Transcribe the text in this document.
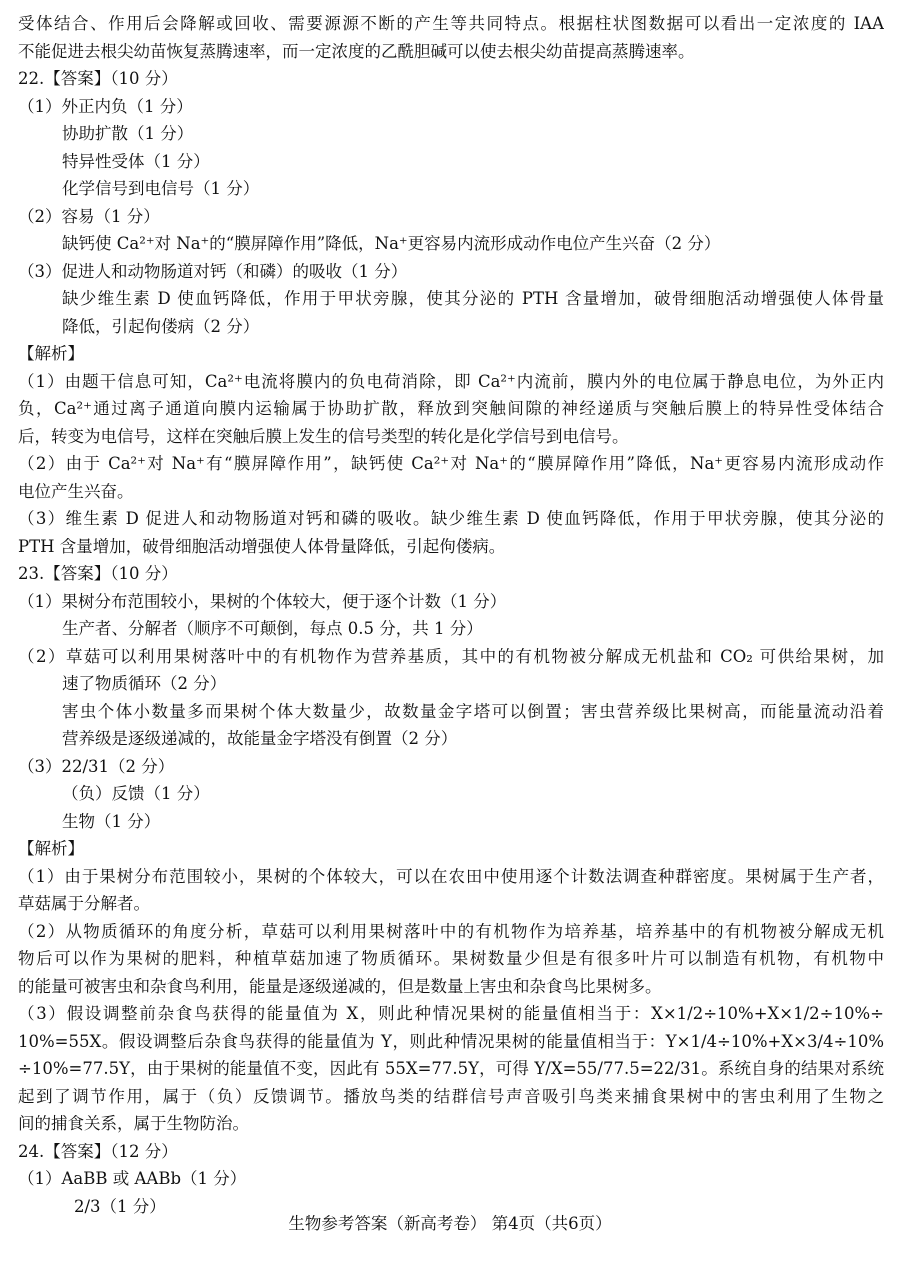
受体结合、作用后会降解或回收、需要源源不断的产生等共同特点。根据柱状图数据可以看出一定浓度的 IAA
不能促进去根尖幼苗恢复蒸腾速率，而一定浓度的乙酰胆碱可以使去根尖幼苗提高蒸腾速率。
22.【答案】（10 分）
（1）外正内负（1 分）
协助扩散（1 分）
特异性受体（1 分）
化学信号到电信号（1 分）
（2）容易（1 分）
缺钙使 Ca²⁺对 Na⁺的“膜屏障作用”降低，Na⁺更容易内流形成动作电位产生兴奋（2 分）
（3）促进人和动物肠道对钙（和磷）的吸收（1 分）
缺少维生素 D 使血钙降低，作用于甲状旁腺，使其分泌的 PTH 含量增加，破骨细胞活动增强使人体骨量
降低，引起佝偻病（2 分）
【解析】
（1）由题干信息可知，Ca²⁺电流将膜内的负电荷消除，即 Ca²⁺内流前，膜内外的电位属于静息电位，为外正内
负，Ca²⁺通过离子通道向膜内运输属于协助扩散，释放到突触间隙的神经递质与突触后膜上的特异性受体结合
后，转变为电信号，这样在突触后膜上发生的信号类型的转化是化学信号到电信号。
（2）由于 Ca²⁺对 Na⁺有“膜屏障作用”，缺钙使 Ca²⁺对 Na⁺的“膜屏障作用”降低，Na⁺更容易内流形成动作
电位产生兴奋。
（3）维生素 D 促进人和动物肠道对钙和磷的吸收。缺少维生素 D 使血钙降低，作用于甲状旁腺，使其分泌的
PTH 含量增加，破骨细胞活动增强使人体骨量降低，引起佝偻病。
23.【答案】（10 分）
（1）果树分布范围较小，果树的个体较大，便于逐个计数（1 分）
生产者、分解者（顺序不可颠倒，每点 0.5 分，共 1 分）
（2）草菇可以利用果树落叶中的有机物作为营养基质，其中的有机物被分解成无机盐和 CO₂ 可供给果树，加
速了物质循环（2 分）
害虫个体小数量多而果树个体大数量少，故数量金字塔可以倒置；害虫营养级比果树高，而能量流动沿着
营养级是逐级递减的，故能量金字塔没有倒置（2 分）
（3）22/31（2 分）
（负）反馈（1 分）
生物（1 分）
【解析】
（1）由于果树分布范围较小，果树的个体较大，可以在农田中使用逐个计数法调查种群密度。果树属于生产者，
草菇属于分解者。
（2）从物质循环的角度分析，草菇可以利用果树落叶中的有机物作为培养基，培养基中的有机物被分解成无机
物后可以作为果树的肥料，种植草菇加速了物质循环。果树数量少但是有很多叶片可以制造有机物，有机物中
的能量可被害虫和杂食鸟利用，能量是逐级递减的，但是数量上害虫和杂食鸟比果树多。
（3）假设调整前杂食鸟获得的能量值为 X，则此种情况果树的能量值相当于：X×1/2÷10%+X×1/2÷10%÷
10%=55X。假设调整后杂食鸟获得的能量值为 Y，则此种情况果树的能量值相当于：Y×1/4÷10%+X×3/4÷10%
÷10%=77.5Y，由于果树的能量值不变，因此有 55X=77.5Y，可得 Y/X=55/77.5=22/31。系统自身的结果对系统
起到了调节作用，属于（负）反馈调节。播放鸟类的结群信号声音吸引鸟类来捕食果树中的害虫利用了生物之
间的捕食关系，属于生物防治。
24.【答案】（12 分）
（1）AaBB 或 AABb（1 分）
2/3（1 分）
生物参考答案（新高考卷） 第4页（共6页）
